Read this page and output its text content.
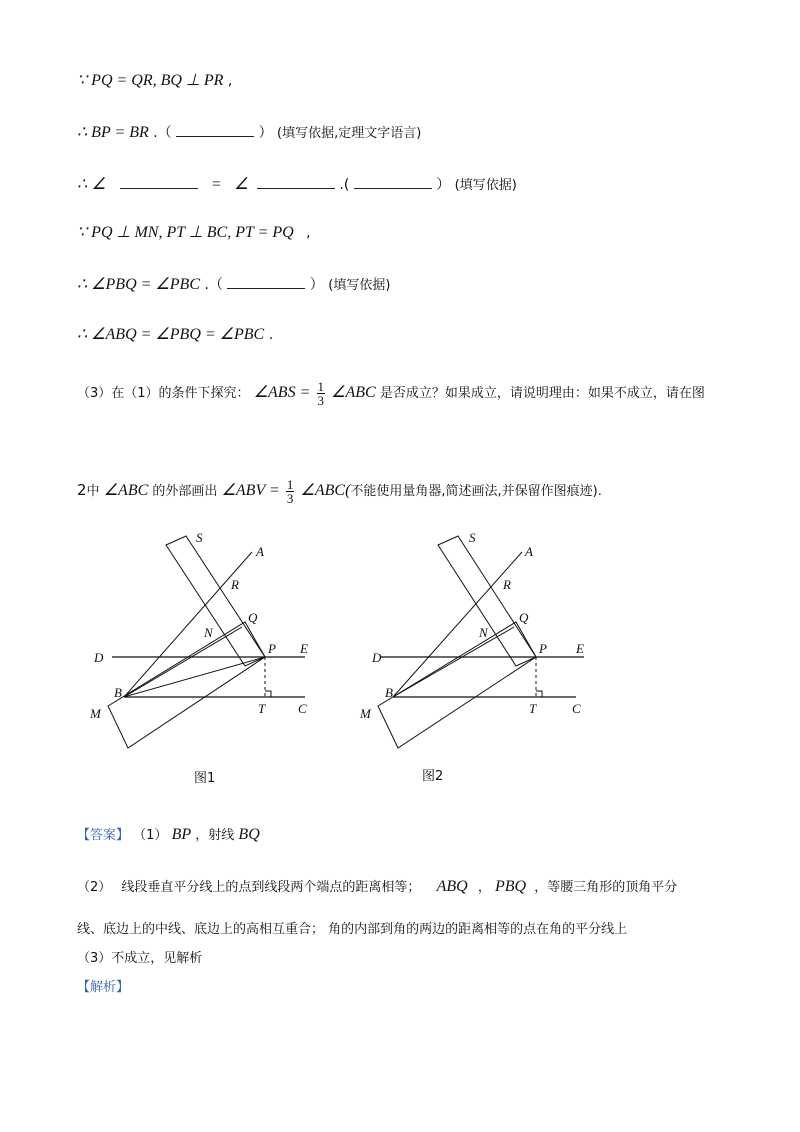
∵ PQ = QR, BQ ⊥ PR ,
∴ BP = BR .（	） (填写依据,定理文字语言)
∴ ∠	= ∠	.(	） (填写依据)
∵ PQ ⊥ MN, PT ⊥ BC, PT = PQ ,
∴ ∠PBQ = ∠PBC .（	） (填写依据)
∴ ∠ABQ = ∠PBQ = ∠PBC .
（3）在（1）的条件下探究： ∠ABS = $\frac{1}{3}$ ∠ABC 是否成立？如果成立，请说明理由：如果不成立，请在图
2中 ∠ABC 的外部画出 ∠ABV = $\frac{1}{3}$ ∠ABC(不能使用量角器,简述画法,并保留作图痕迹).
S
A
R
Q
N
P E
D
B
T	C
M
图1
S
A
R
Q
N
P E
D
B
T	C
M
图2
【答案】 （1） BP ，射线 BQ
（2） 线段垂直平分线上的点到线段两个端点的距离相等； ABQ ， PBQ ，等腰三角形的顶角平分
线、底边上的中线、底边上的高相互重合； 角的内部到角的两边的距离相等的点在角的平分线上
（3）不成立，见解析
【解析】
